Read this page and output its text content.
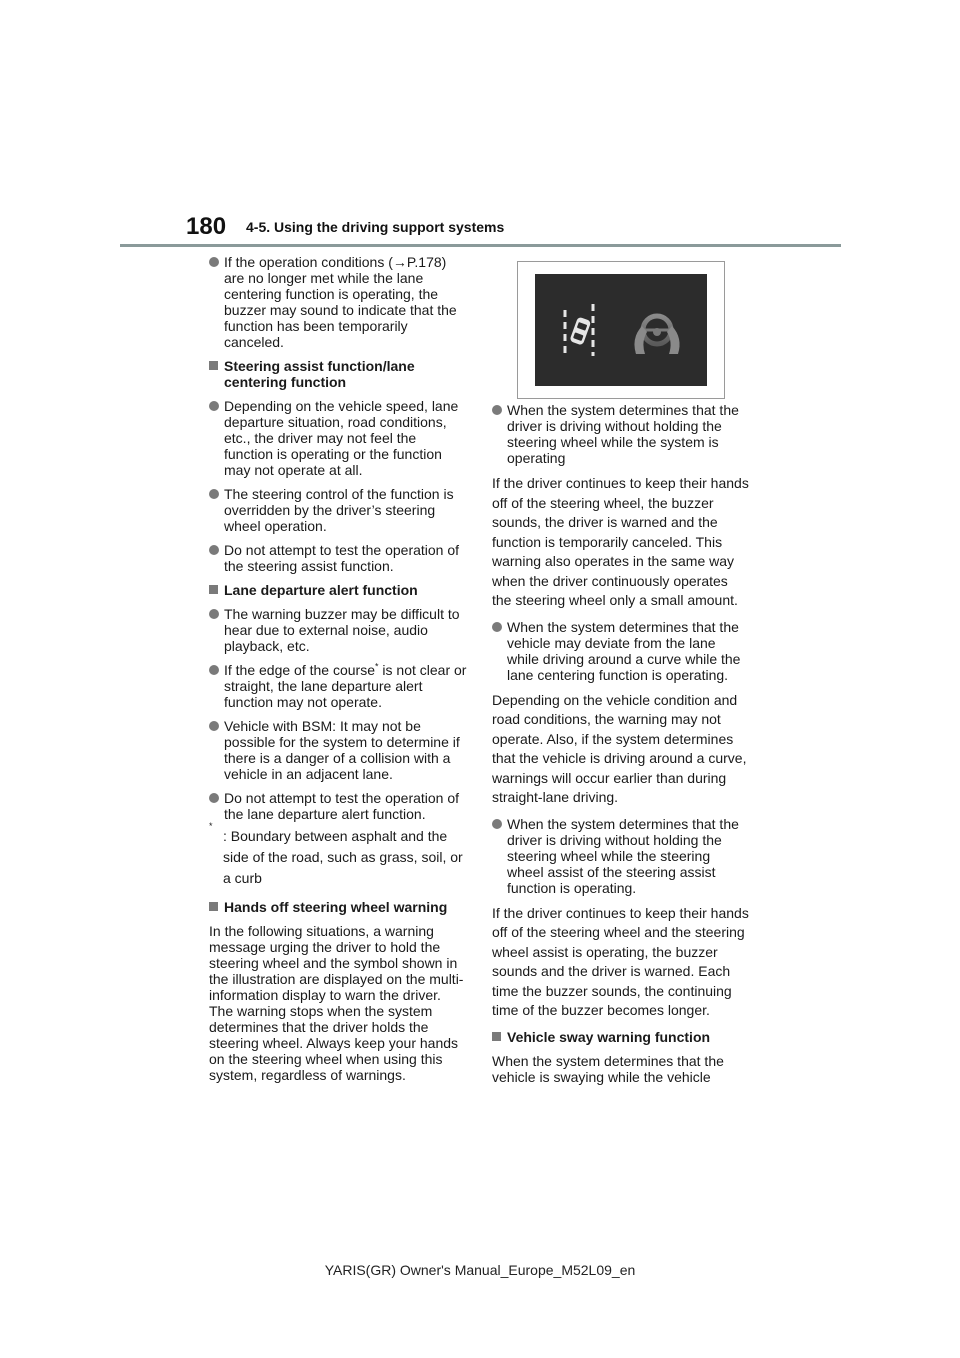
180 4-5. Using the driving support systems
If the operation conditions (→P.178) are no longer met while the lane centering function is operating, the buzzer may sound to indicate that the function has been temporarily canceled.
Steering assist function/lane centering function
Depending on the vehicle speed, lane departure situation, road conditions, etc., the driver may not feel the function is operating or the function may not operate at all.
The steering control of the function is overridden by the driver’s steering wheel operation.
Do not attempt to test the operation of the steering assist function.
Lane departure alert function
The warning buzzer may be difficult to hear due to external noise, audio playback, etc.
If the edge of the course* is not clear or straight, the lane departure alert function may not operate.
Vehicle with BSM: It may not be possible for the system to determine if there is a danger of a collision with a vehicle in an adjacent lane.
Do not attempt to test the operation of the lane departure alert function.
*
: Boundary between asphalt and the side of the road, such as grass, soil, or a curb
Hands off steering wheel warning
In the following situations, a warning message urging the driver to hold the steering wheel and the symbol shown in the illustration are displayed on the multi-information display to warn the driver. The warning stops when the system determines that the driver holds the steering wheel. Always keep your hands on the steering wheel when using this system, regardless of warnings.
When the system determines that the driver is driving without holding the steering wheel while the system is operating
If the driver continues to keep their hands off of the steering wheel, the buzzer sounds, the driver is warned and the function is temporarily canceled. This warning also operates in the same way when the driver continuously operates the steering wheel only a small amount.
When the system determines that the vehicle may deviate from the lane while driving around a curve while the lane centering function is operating.
Depending on the vehicle condition and road conditions, the warning may not operate. Also, if the system determines that the vehicle is driving around a curve, warnings will occur earlier than during straight-lane driving.
When the system determines that the driver is driving without holding the steering wheel while the steering wheel assist of the steering assist function is operating.
If the driver continues to keep their hands off of the steering wheel and the steering wheel assist is operating, the buzzer sounds and the driver is warned. Each time the buzzer sounds, the continuing time of the buzzer becomes longer.
Vehicle sway warning function
When the system determines that the vehicle is swaying while the vehicle
YARIS(GR) Owner's Manual_Europe_M52L09_en
